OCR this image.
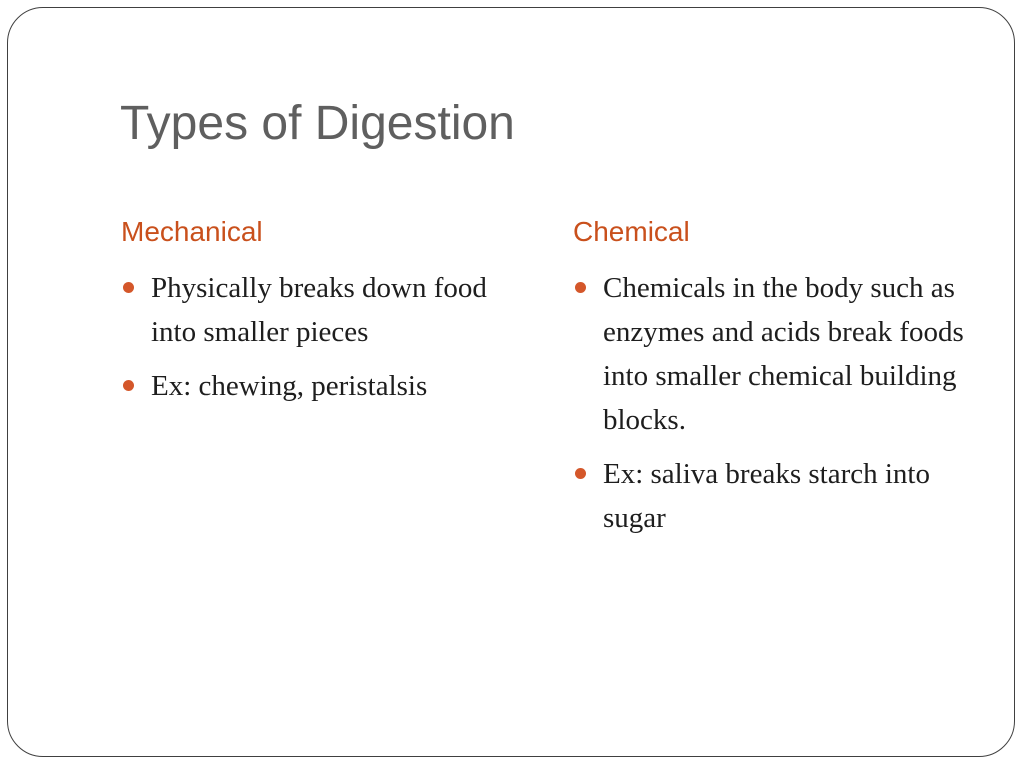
Types of Digestion
Mechanical
Physically breaks down food into smaller pieces
Ex: chewing, peristalsis
Chemical
Chemicals in the body such as enzymes and acids break foods into smaller chemical building blocks.
Ex: saliva breaks starch into sugar
